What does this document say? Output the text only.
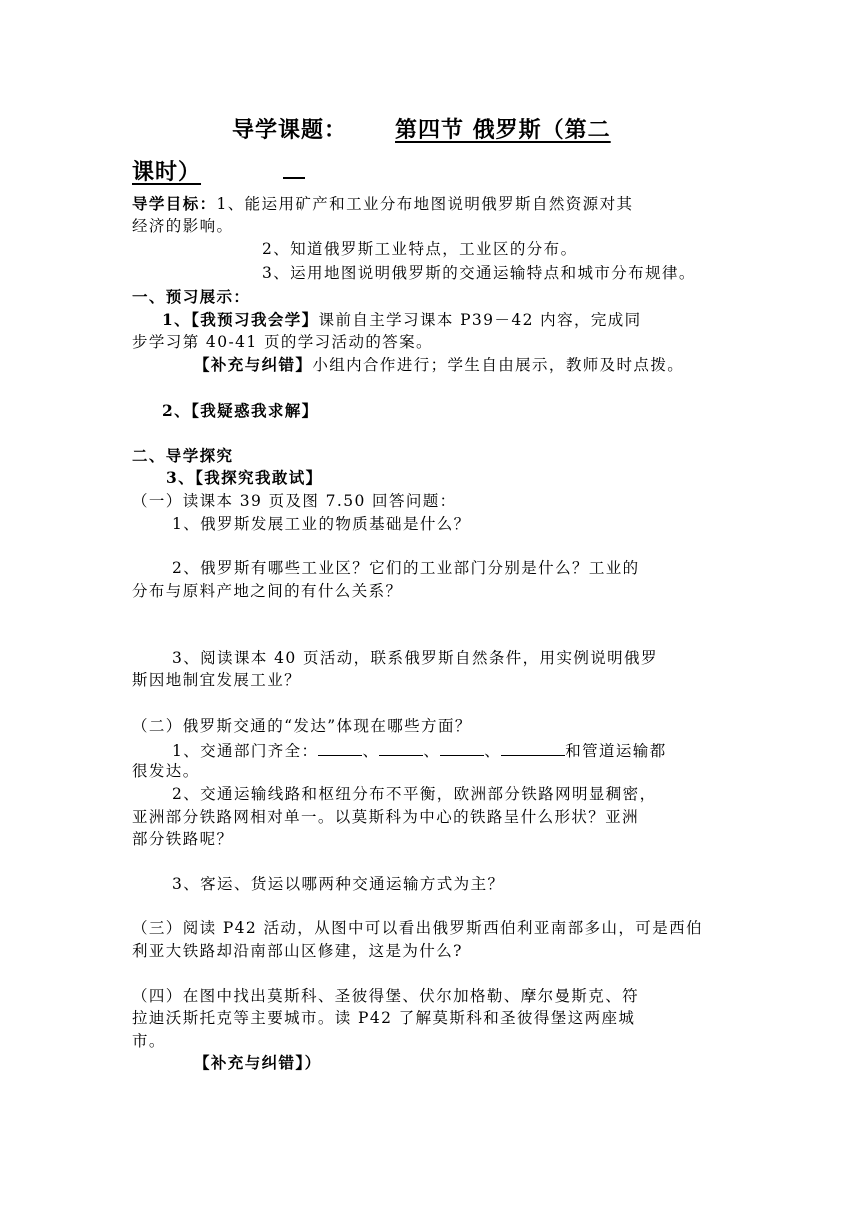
导学课题： 第四节 俄罗斯（第二
课时）
导学目标：1、能运用矿产和工业分布地图说明俄罗斯自然资源对其
经济的影响。
2、知道俄罗斯工业特点，工业区的分布。
3、运用地图说明俄罗斯的交通运输特点和城市分布规律。
一、预习展示：
1、【我预习我会学】课前自主学习课本 P39－42 内容，完成同
步学习第 40-41 页的学习活动的答案。
【补充与纠错】小组内合作进行；学生自由展示，教师及时点拨。
2、【我疑惑我求解】
二、导学探究
3、【我探究我敢试】
（一）读课本 39 页及图 7.50 回答问题：
1、俄罗斯发展工业的物质基础是什么？
2、俄罗斯有哪些工业区？它们的工业部门分别是什么？工业的
分布与原料产地之间的有什么关系？
3、阅读课本 40 页活动，联系俄罗斯自然条件，用实例说明俄罗
斯因地制宜发展工业？
（二）俄罗斯交通的“发达”体现在哪些方面？
1、交通部门齐全：	、	、	、	和管道运输都
很发达。
2、交通运输线路和枢纽分布不平衡，欧洲部分铁路网明显稠密，
亚洲部分铁路网相对单一。以莫斯科为中心的铁路呈什么形状？亚洲
部分铁路呢？
3、客运、货运以哪两种交通运输方式为主？
（三）阅读 P42 活动，从图中可以看出俄罗斯西伯利亚南部多山，可是西伯
利亚大铁路却沿南部山区修建，这是为什么?
（四）在图中找出莫斯科、圣彼得堡、伏尔加格勒、摩尔曼斯克、符
拉迪沃斯托克等主要城市。读 P42 了解莫斯科和圣彼得堡这两座城
市。
【补充与纠错】）
